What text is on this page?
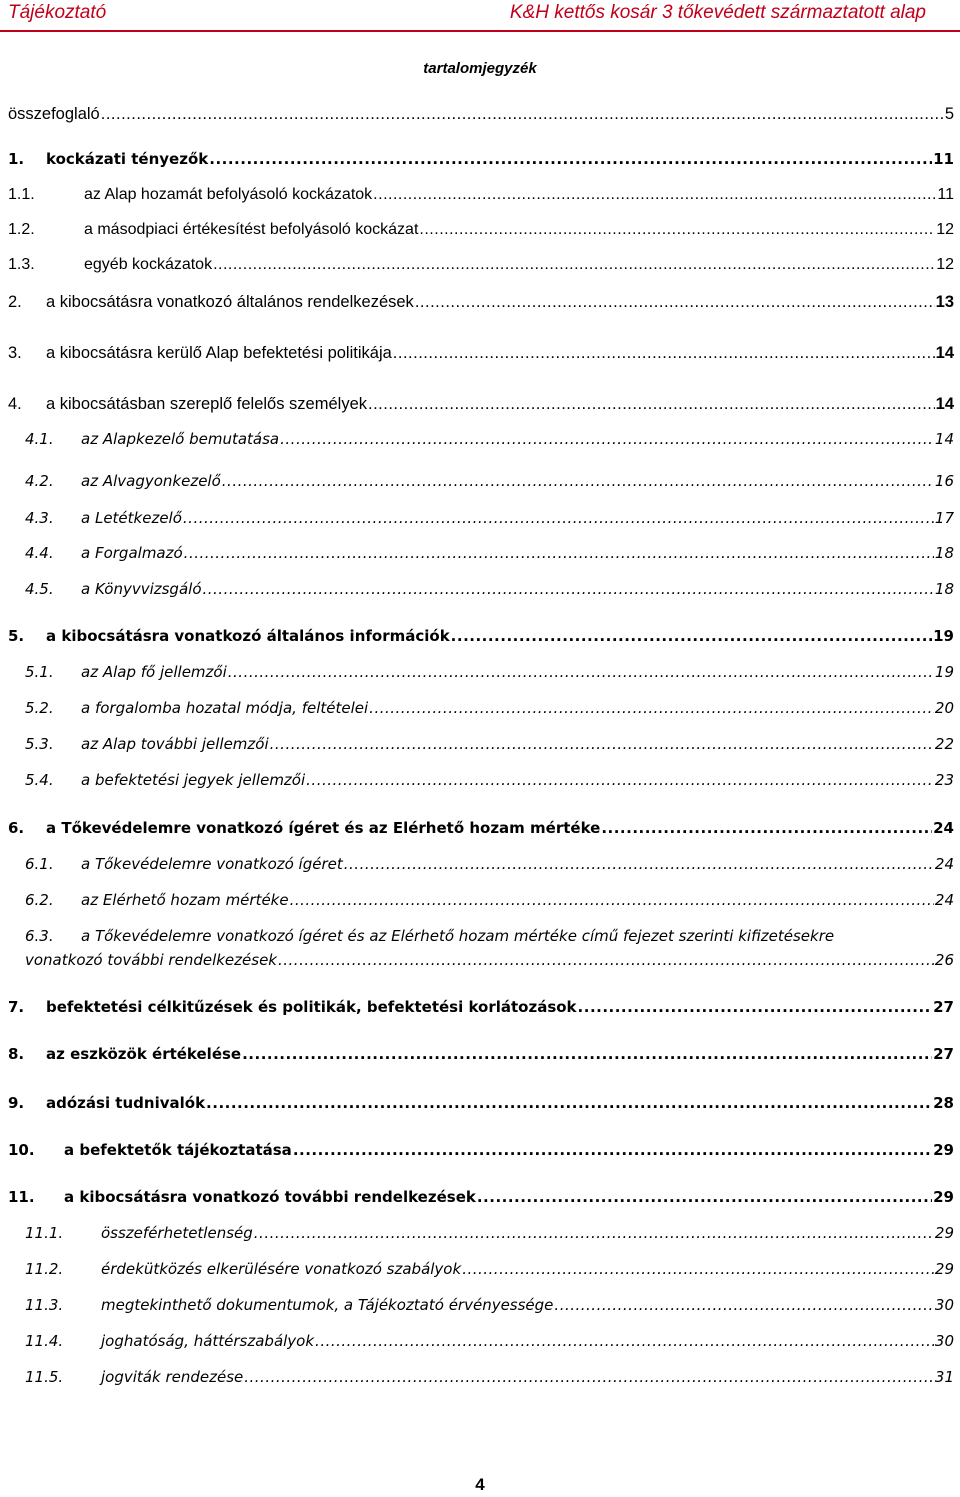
Tájékoztató	K&H kettős kosár 3 tőkevédett származtatott alap
tartalomjegyzék
összefoglaló .....	5
1.	kockázati tényezők .....	11
1.1.	az Alap hozamát befolyásoló kockázatok .....	11
1.2.	a másodpiaci értékesítést befolyásoló kockázat .....	12
1.3.	egyéb kockázatok .....	12
2.	a kibocsátásra vonatkozó általános rendelkezések .....	13
3.	a kibocsátásra kerülő Alap befektetési politikája .....	14
4.	a kibocsátásban szereplő felelős személyek .....	14
4.1.	az Alapkezelő bemutatása .....	14
4.2.	az Alvagyonkezelő .....	16
4.3.	a Letétkezelő .....	17
4.4.	a Forgalmazó .....	18
4.5.	a Könyvvizsgáló .....	18
5.	a kibocsátásra vonatkozó általános információk .....	19
5.1.	az Alap fő jellemzői .....	19
5.2.	a forgalomba hozatal módja, feltételei .....	20
5.3.	az Alap további jellemzői .....	22
5.4.	a befektetési jegyek jellemzői .....	23
6.	a Tőkevédelemre vonatkozó ígéret és az Elérhető hozam mértéke .....	24
6.1.	a Tőkevédelemre vonatkozó ígéret .....	24
6.2.	az Elérhető hozam mértéke .....	24
6.3.	a Tőkevédelemre vonatkozó ígéret és az Elérhető hozam mértéke című fejezet szerinti kifizetésekre
vonatkozó további rendelkezések .....	26
7.	befektetési célkitűzések és politikák, befektetési korlátozások .....	27
8.	az eszközök értékelése .....	27
9.	adózási tudnivalók .....	28
10.	a befektetők tájékoztatása .....	29
11.	a kibocsátásra vonatkozó további rendelkezések .....	29
11.1.	összeférhetetlenség .....	29
11.2.	érdekütközés elkerülésére vonatkozó szabályok .....	29
11.3.	megtekinthető dokumentumok, a Tájékoztató érvényessége .....	30
11.4.	joghatóság, háttérszabályok .....	30
11.5.	jogviták rendezése .....	31
4
